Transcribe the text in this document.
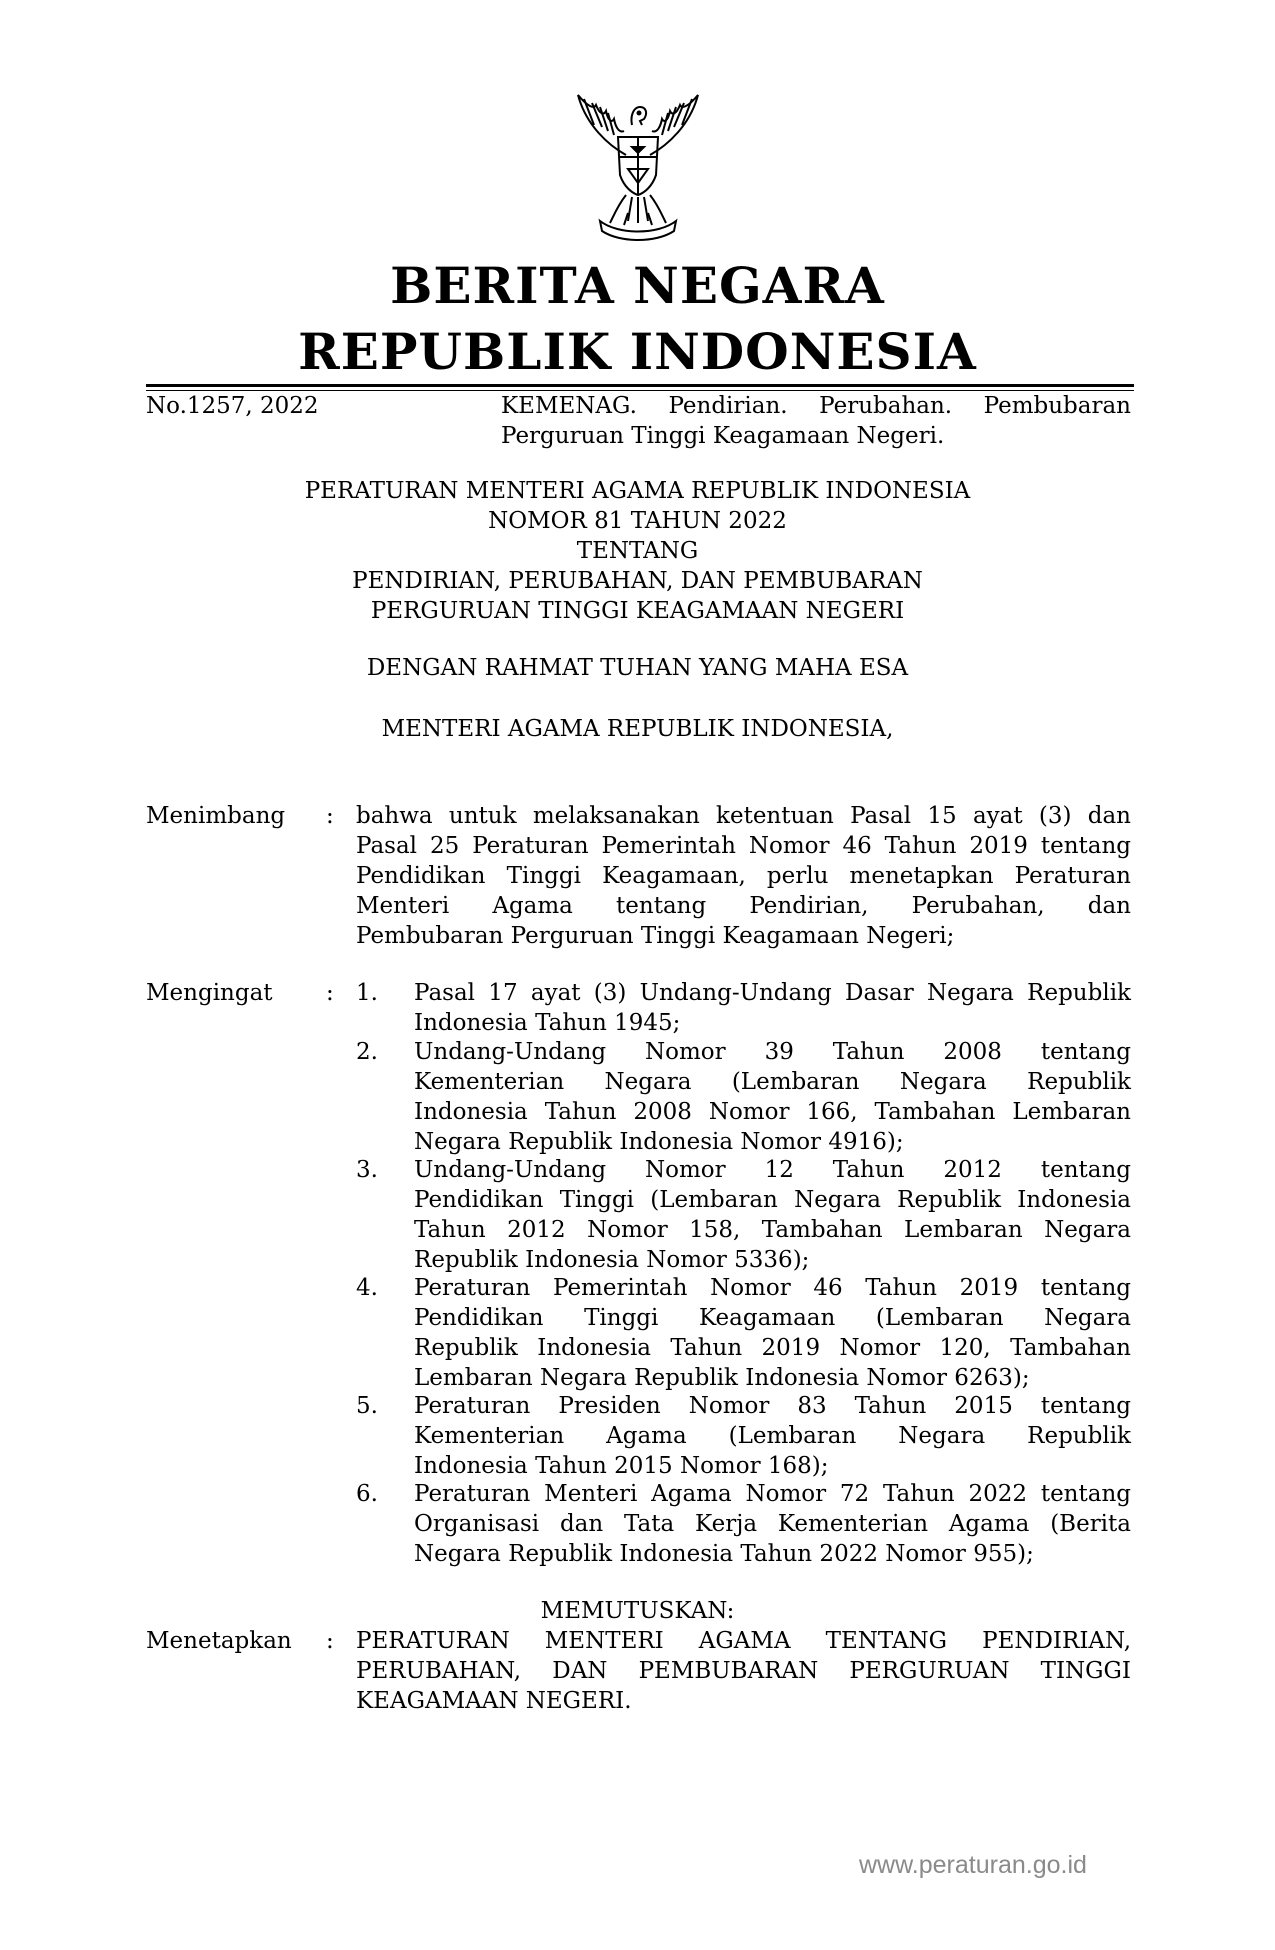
BERITA NEGARA
REPUBLIK INDONESIA
No.1257, 2022	KEMENAG. Pendirian. Perubahan. Pembubaran
Perguruan Tinggi Keagamaan Negeri.
PERATURAN MENTERI AGAMA REPUBLIK INDONESIA
NOMOR 81 TAHUN 2022
TENTANG
PENDIRIAN, PERUBAHAN, DAN PEMBUBARAN
PERGURUAN TINGGI KEAGAMAAN NEGERI
DENGAN RAHMAT TUHAN YANG MAHA ESA
MENTERI AGAMA REPUBLIK INDONESIA,
Menimbang : bahwa untuk melaksanakan ketentuan Pasal 15 ayat (3) dan
Pasal 25 Peraturan Pemerintah Nomor 46 Tahun 2019 tentang
Pendidikan Tinggi Keagamaan, perlu menetapkan Peraturan
Menteri Agama tentang Pendirian, Perubahan, dan
Pembubaran Perguruan Tinggi Keagamaan Negeri;
Mengingat : 1. Pasal 17 ayat (3) Undang-Undang Dasar Negara Republik
Indonesia Tahun 1945;
2. Undang-Undang Nomor 39 Tahun 2008 tentang
Kementerian Negara (Lembaran Negara Republik
Indonesia Tahun 2008 Nomor 166, Tambahan Lembaran
Negara Republik Indonesia Nomor 4916);
3. Undang-Undang Nomor 12 Tahun 2012 tentang
Pendidikan Tinggi (Lembaran Negara Republik Indonesia
Tahun 2012 Nomor 158, Tambahan Lembaran Negara
Republik Indonesia Nomor 5336);
4. Peraturan Pemerintah Nomor 46 Tahun 2019 tentang
Pendidikan Tinggi Keagamaan (Lembaran Negara
Republik Indonesia Tahun 2019 Nomor 120, Tambahan
Lembaran Negara Republik Indonesia Nomor 6263);
5. Peraturan Presiden Nomor 83 Tahun 2015 tentang
Kementerian Agama (Lembaran Negara Republik
Indonesia Tahun 2015 Nomor 168);
6. Peraturan Menteri Agama Nomor 72 Tahun 2022 tentang
Organisasi dan Tata Kerja Kementerian Agama (Berita
Negara Republik Indonesia Tahun 2022 Nomor 955);
MEMUTUSKAN:
Menetapkan : PERATURAN MENTERI AGAMA TENTANG PENDIRIAN,
PERUBAHAN, DAN PEMBUBARAN PERGURUAN TINGGI
KEAGAMAAN NEGERI.
www.peraturan.go.id
